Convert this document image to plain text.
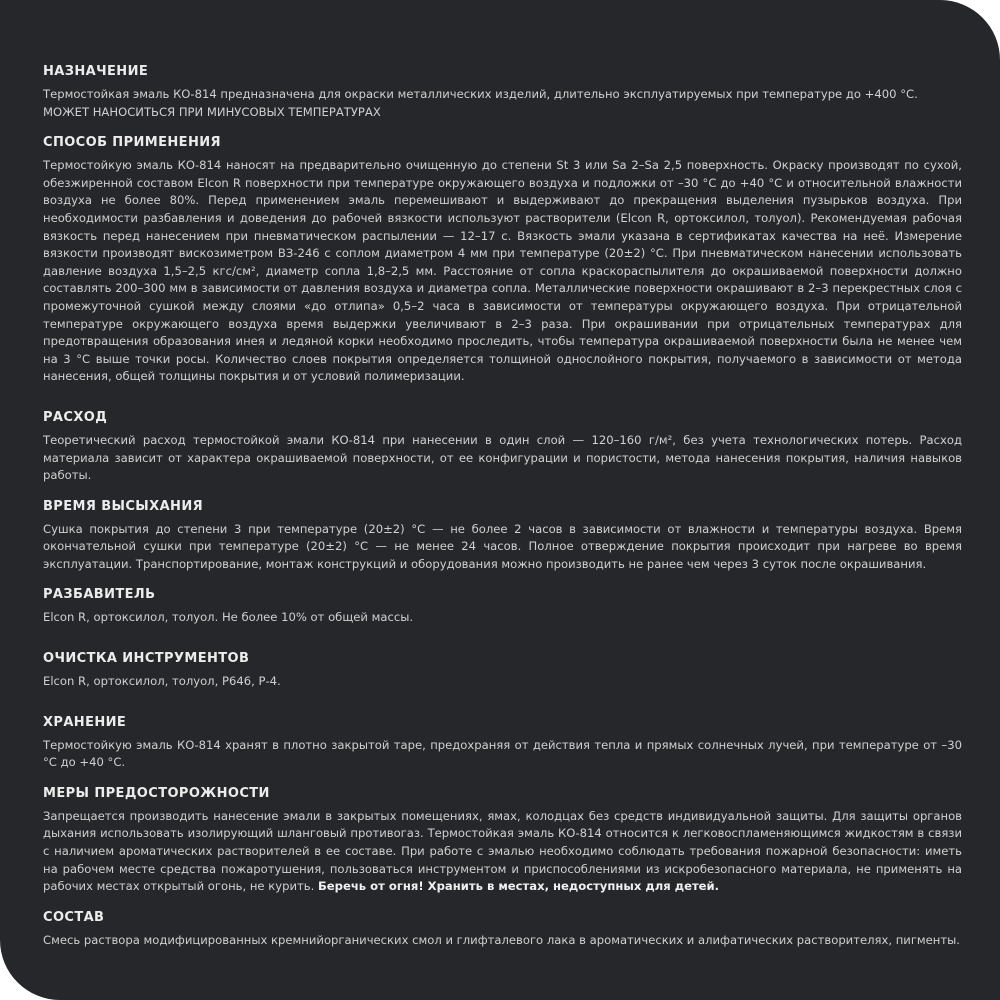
НАЗНАЧЕНИЕ

Термостойкая эмаль КО-814 предназначена для окраски металлических изделий, длительно эксплуатируемых при температуре до +400 °С.
МОЖЕТ НАНОСИТЬСЯ ПРИ МИНУСОВЫХ ТЕМПЕРАТУРАХ

СПОСОБ ПРИМЕНЕНИЯ

Термостойкую эмаль КО-814 наносят на предварительно очищенную до степени St 3 или Sa 2–Sa 2,5 поверхность. Окраску производят по сухой, обезжиренной составом Elcon R поверхности при температуре окружающего воздуха и подложки от –30 °С до +40 °С и относительной влажности воздуха не более 80%. Перед применением эмаль перемешивают и выдерживают до прекращения выделения пузырьков воздуха. При необходимости разбавления и доведения до рабочей вязкости используют растворители (Elcon R, ортоксилол, толуол). Рекомендуемая рабочая вязкость перед нанесением при пневматическом распылении — 12–17 с. Вязкость эмали указана в сертификатах качества на неё. Измерение вязкости производят вискозиметром ВЗ-246 с соплом диаметром 4 мм при температуре (20±2) °С. При пневматическом нанесении использовать давление воздуха 1,5–2,5 кгс/см², диаметр сопла 1,8–2,5 мм. Расстояние от сопла краскораспылителя до окрашиваемой поверхности должно составлять 200–300 мм в зависимости от давления воздуха и диаметра сопла. Металлические поверхности окрашивают в 2–3 перекрестных слоя с промежуточной сушкой между слоями «до отлипа» 0,5–2 часа в зависимости от температуры окружающего воздуха. При отрицательной температуре окружающего воздуха время выдержки увеличивают в 2–3 раза. При окрашивании при отрицательных температурах для предотвращения образования инея и ледяной корки необходимо проследить, чтобы температура окрашиваемой поверхности была не менее чем на 3 °С выше точки росы. Количество слоев покрытия определяется толщиной однослойного покрытия, получаемого в зависимости от метода нанесения, общей толщины покрытия и от условий полимеризации.

РАСХОД

Теоретический расход термостойкой эмали КО-814 при нанесении в один слой — 120–160 г/м², без учета технологических потерь. Расход материала зависит от характера окрашиваемой поверхности, от ее конфигурации и пористости, метода нанесения покрытия, наличия навыков работы.

ВРЕМЯ ВЫСЫХАНИЯ

Сушка покрытия до степени 3 при температуре (20±2) °С — не более 2 часов в зависимости от влажности и температуры воздуха. Время окончательной сушки при температуре (20±2) °С — не менее 24 часов. Полное отверждение покрытия происходит при нагреве во время эксплуатации. Транспортирование, монтаж конструкций и оборудования можно производить не ранее чем через 3 суток после окрашивания.

РАЗБАВИТЕЛЬ

Elcon R, ортоксилол, толуол. Не более 10% от общей массы.

ОЧИСТКА ИНСТРУМЕНТОВ

Elcon R, ортоксилол, толуол, Р646, Р-4.

ХРАНЕНИЕ

Термостойкую эмаль КО-814 хранят в плотно закрытой таре, предохраняя от действия тепла и прямых солнечных лучей, при температуре от –30 °С до +40 °С.

МЕРЫ ПРЕДОСТОРОЖНОСТИ

Запрещается производить нанесение эмали в закрытых помещениях, ямах, колодцах без средств индивидуальной защиты. Для защиты органов дыхания использовать изолирующий шланговый противогаз. Термостойкая эмаль КО-814 относится к легковоспламеняющимся жидкостям в связи с наличием ароматических растворителей в ее составе. При работе с эмалью необходимо соблюдать требования пожарной безопасности: иметь на рабочем месте средства пожаротушения, пользоваться инструментом и приспособлениями из искробезопасного материала, не применять на рабочих местах открытый огонь, не курить. Беречь от огня! Хранить в местах, недоступных для детей.

СОСТАВ

Смесь раствора модифицированных кремнийорганических смол и глифталевого лака в ароматических и алифатических растворителях, пигменты.
